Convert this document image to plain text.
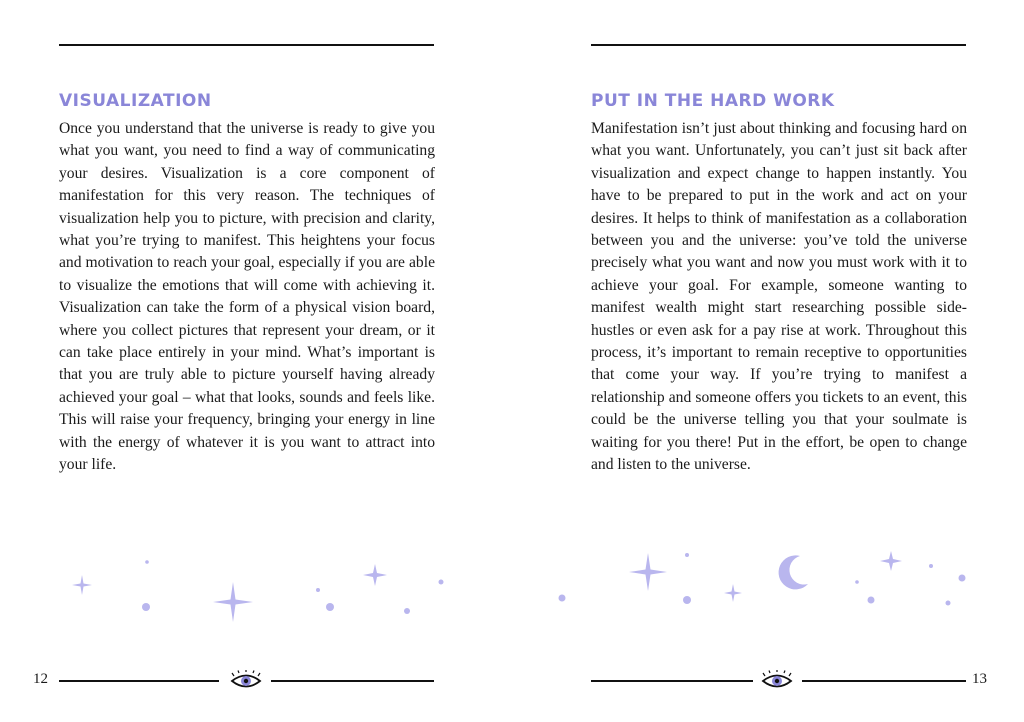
VISUALIZATION

Once you understand that the universe is ready to give you what you want, you need to find a way of communicating your desires. Visualization is a core component of manifestation for this very reason. The techniques of visualization help you to picture, with precision and clarity, what you’re trying to manifest. This heightens your focus and motivation to reach your goal, especially if you are able to visualize the emotions that will come with achieving it. Visualization can take the form of a physical vision board, where you collect pictures that represent your dream, or it can take place entirely in your mind. What’s important is that you are truly able to picture yourself having already achieved your goal – what that looks, sounds and feels like. This will raise your frequency, bringing your energy in line with the energy of whatever it is you want to attract into your life.

12
PUT IN THE HARD WORK

Manifestation isn’t just about thinking and focusing hard on what you want. Unfortunately, you can’t just sit back after visualization and expect change to happen instantly. You have to be prepared to put in the work and act on your desires. It helps to think of manifestation as a collaboration between you and the universe: you’ve told the universe precisely what you want and now you must work with it to achieve your goal. For example, someone wanting to manifest wealth might start researching possible side-hustles or even ask for a pay rise at work. Throughout this process, it’s important to remain receptive to opportunities that come your way. If you’re trying to manifest a relationship and someone offers you tickets to an event, this could be the universe telling you that your soulmate is waiting for you there! Put in the effort, be open to change and listen to the universe.

13
